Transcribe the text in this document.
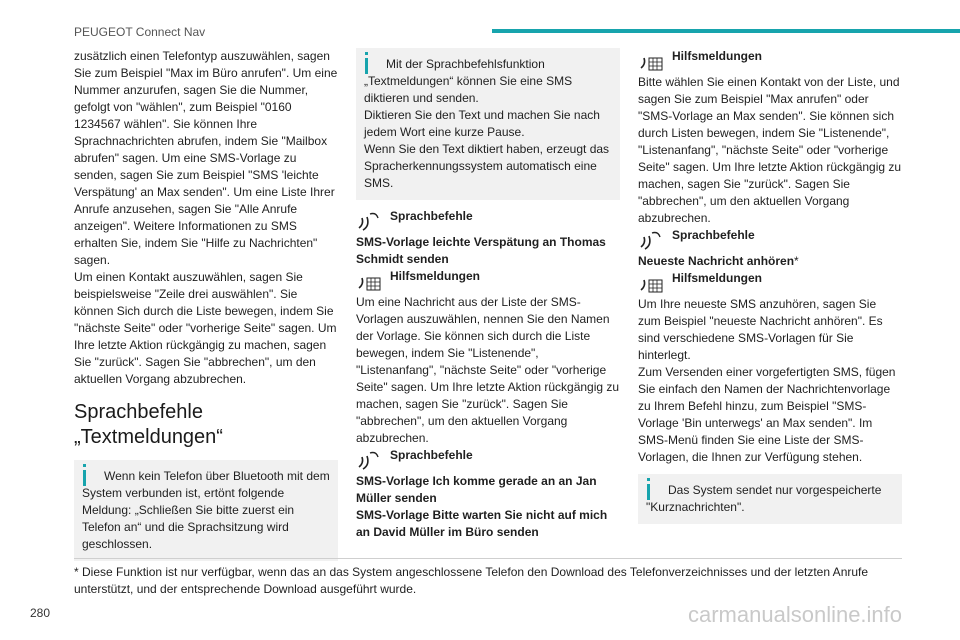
PEUGEOT Connect Nav

zusätzlich einen Telefontyp auszuwählen, sagen Sie zum Beispiel "Max im Büro anrufen". Um eine Nummer anzurufen, sagen Sie die Nummer, gefolgt von "wählen", zum Beispiel "0160 1234567 wählen". Sie können Ihre Sprachnachrichten abrufen, indem Sie "Mailbox abrufen" sagen. Um eine SMS-Vorlage zu senden, sagen Sie zum Beispiel "SMS 'leichte Verspätung' an Max senden". Um eine Liste Ihrer Anrufe anzusehen, sagen Sie "Alle Anrufe anzeigen". Weitere Informationen zu SMS erhalten Sie, indem Sie "Hilfe zu Nachrichten" sagen.
Um einen Kontakt auszuwählen, sagen Sie beispielsweise "Zeile drei auswählen". Sie können Sich durch die Liste bewegen, indem Sie "nächste Seite" oder "vorherige Seite" sagen. Um Ihre letzte Aktion rückgängig zu machen, sagen Sie "zurück". Sagen Sie "abbrechen", um den aktuellen Vorgang abzubrechen.

Sprachbefehle „Textmeldungen“

Wenn kein Telefon über Bluetooth mit dem System verbunden ist, ertönt folgende Meldung: „Schließen Sie bitte zuerst ein Telefon an“ und die Sprachsitzung wird geschlossen.

Mit der Sprachbefehlsfunktion „Textmeldungen“ können Sie eine SMS diktieren und senden.
Diktieren Sie den Text und machen Sie nach jedem Wort eine kurze Pause.
Wenn Sie den Text diktiert haben, erzeugt das Spracherkennungssystem automatisch eine SMS.

Sprachbefehle

SMS-Vorlage leichte Verspätung an Thomas Schmidt senden

Hilfsmeldungen

Um eine Nachricht aus der Liste der SMS-Vorlagen auszuwählen, nennen Sie den Namen der Vorlage. Sie können sich durch die Liste bewegen, indem Sie "Listenende", "Listenanfang", "nächste Seite" oder "vorherige Seite" sagen. Um Ihre letzte Aktion rückgängig zu machen, sagen Sie "zurück". Sagen Sie "abbrechen", um den aktuellen Vorgang abzubrechen.

Sprachbefehle

SMS-Vorlage Ich komme gerade an an Jan Müller senden
SMS-Vorlage Bitte warten Sie nicht auf mich an David Müller im Büro senden

Hilfsmeldungen

Bitte wählen Sie einen Kontakt von der Liste, und sagen Sie zum Beispiel "Max anrufen" oder "SMS-Vorlage an Max senden". Sie können sich durch Listen bewegen, indem Sie "Listenende", "Listenanfang", "nächste Seite" oder "vorherige Seite" sagen. Um Ihre letzte Aktion rückgängig zu machen, sagen Sie "zurück". Sagen Sie "abbrechen", um den aktuellen Vorgang abzubrechen.

Sprachbefehle

Neueste Nachricht anhören*

Hilfsmeldungen

Um Ihre neueste SMS anzuhören, sagen Sie zum Beispiel "neueste Nachricht anhören". Es sind verschiedene SMS-Vorlagen für Sie hinterlegt.
Zum Versenden einer vorgefertigten SMS, fügen Sie einfach den Namen der Nachrichtenvorlage zu Ihrem Befehl hinzu, zum Beispiel "SMS-Vorlage 'Bin unterwegs' an Max senden". Im SMS-Menü finden Sie eine Liste der SMS-Vorlagen, die Ihnen zur Verfügung stehen.

Das System sendet nur vorgespeicherte "Kurznachrichten".

* Diese Funktion ist nur verfügbar, wenn das an das System angeschlossene Telefon den Download des Telefonverzeichnisses und der letzten Anrufe unterstützt, und der entsprechende Download ausgeführt wurde.

280	carmanualsonline.info
